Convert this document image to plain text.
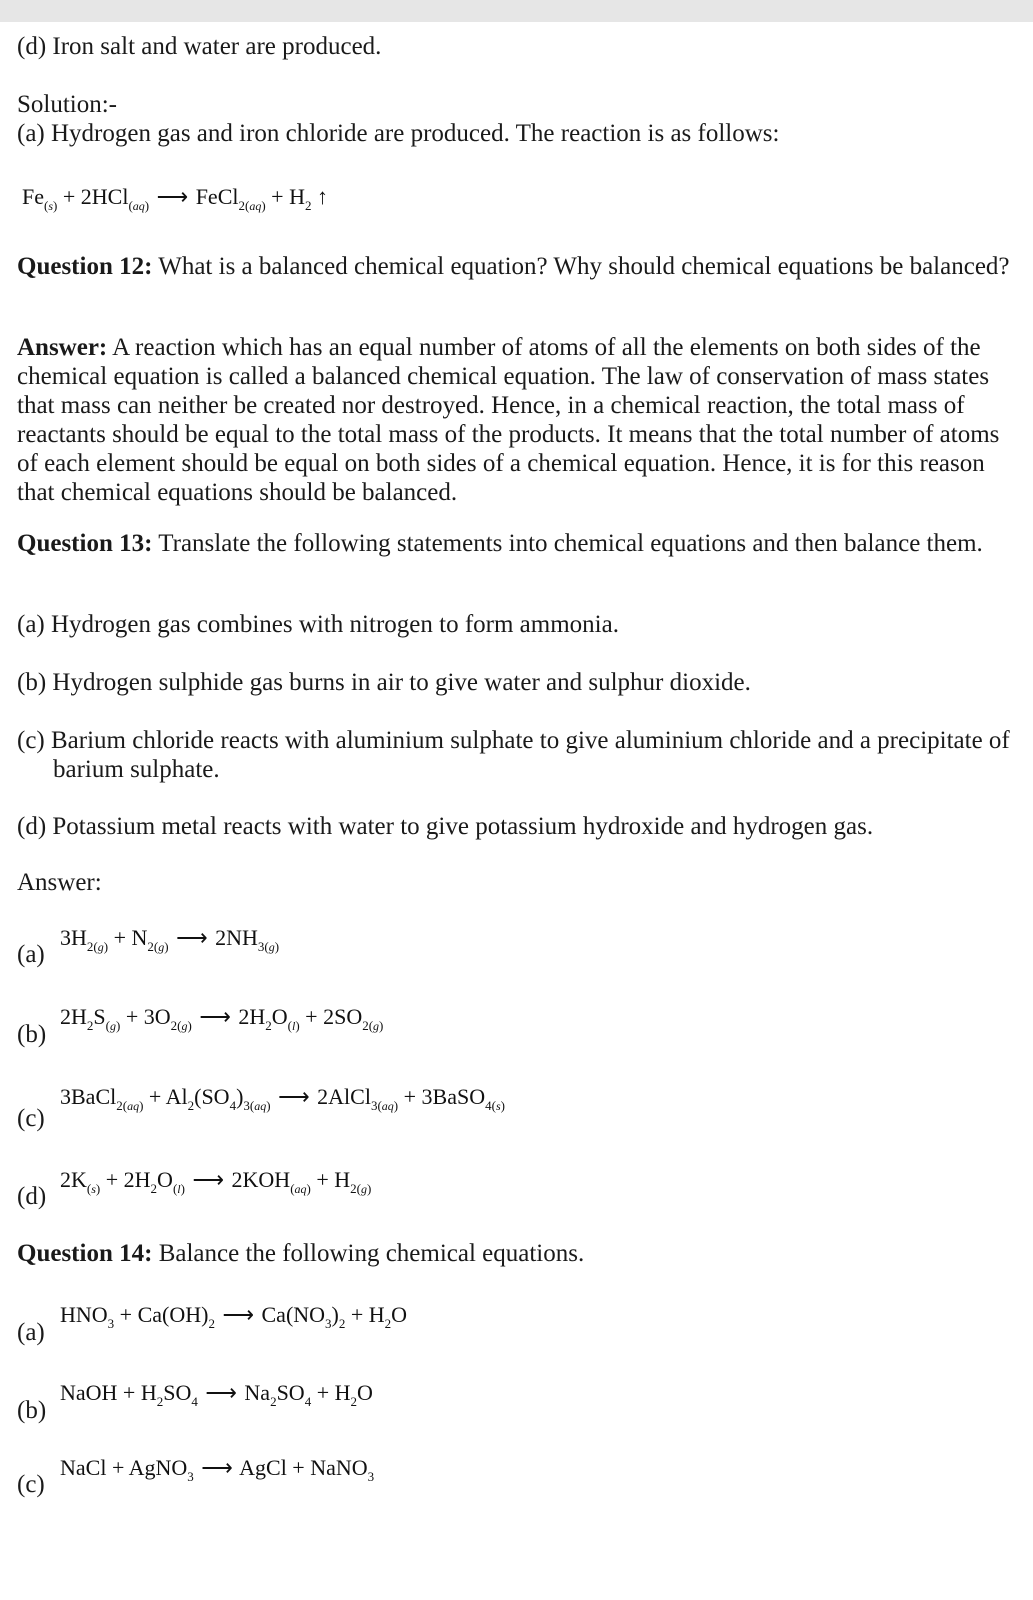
(d) Iron salt and water are produced.
Solution:-
(a) Hydrogen gas and iron chloride are produced. The reaction is as follows:
$Fe_{(s)} + 2HCl_{(aq)}$ ⟶ FeCl$_{2(aq)}$ + $H_2$ ↑

Question 12: What is a balanced chemical equation? Why should chemical equations be balanced?

Answer: A reaction which has an equal number of atoms of all the elements on both sides of the chemical equation is called a balanced chemical equation. The law of conservation of mass states that mass can neither be created nor destroyed. Hence, in a chemical reaction, the total mass of reactants should be equal to the total mass of the products. It means that the total number of atoms of each element should be equal on both sides of a chemical equation. Hence, it is for this reason that chemical equations should be balanced.

Question 13: Translate the following statements into chemical equations and then balance them.

(a) Hydrogen gas combines with nitrogen to form ammonia.
(b) Hydrogen sulphide gas burns in air to give water and sulphur dioxide.
(c) Barium chloride reacts with aluminium sulphate to give aluminium chloride and a precipitate of barium sulphate.
(d) Potassium metal reacts with water to give potassium hydroxide and hydrogen gas.
Answer:
(a)
$3H_{2(g)} + N_{2(g)}$ ⟶ $2NH_{3(g)}$
(b)
$2H_2S_{(g)} + 3O_{2(g)}$ ⟶ $2H_2O_{(l)} + 2SO_{2(g)}$
(c)
3BaCl$_{2(aq)}$ + $Al_2(SO_4)_{3(aq)}$ ⟶ 2AlCl$_{3(aq)}$ + 3BaSO$_{4(s)}$
(d)
$2K_{(s)} + 2H_2O_{(l)}$ ⟶ $2KOH_{(aq)} + H_{2(g)}$

Question 14: Balance the following chemical equations.

(a)
$HNO_3 + Ca(OH)_2$ ⟶ $Ca(NO_3)_2 + H_2O$
(b)
NaOH + $H_2SO_4$ ⟶ $Na_2SO_4 + H_2O$
(c)
NaCl + AgNO$_3$ ⟶ AgCl + NaNO$_3$
